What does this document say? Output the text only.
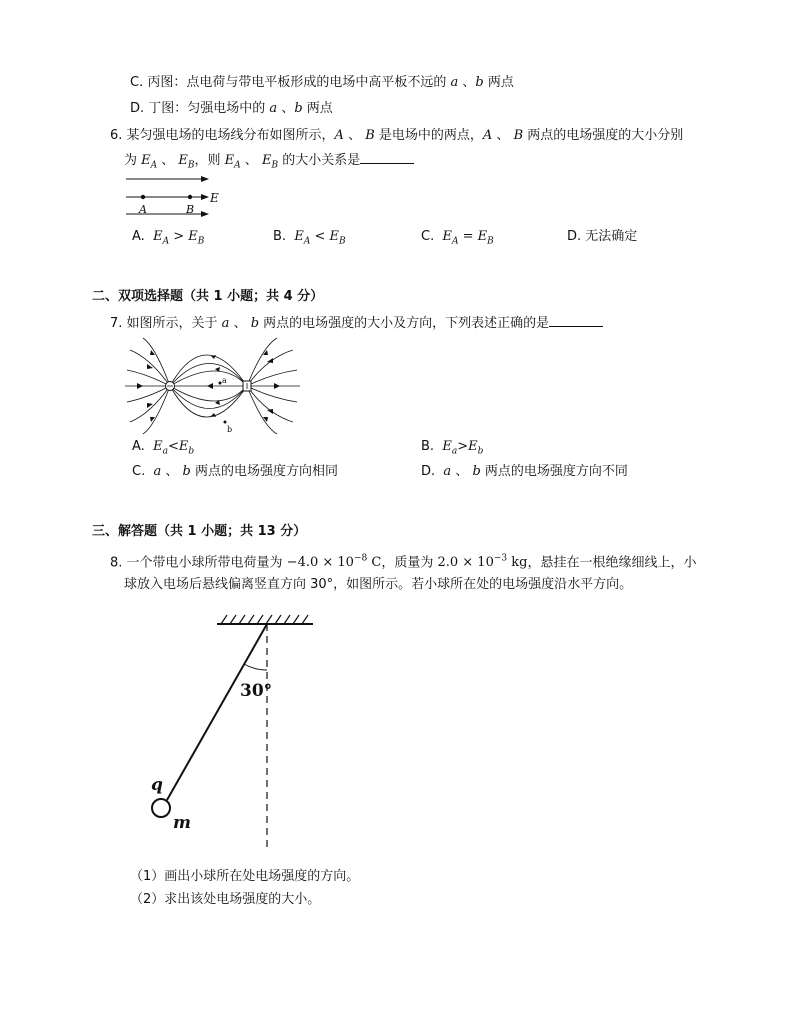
C. 丙图：点电荷与带电平板形成的电场中高平板不远的 a 、b 两点
D. 丁图：匀强电场中的 a 、b 两点
6. 某匀强电场的电场线分布如图所示，A 、 B 是电场中的两点，A 、 B 两点的电场强度的大小分别
为 $E_A$ 、 $E_B$，则 $E_A$ 、 $E_B$ 的大小关系是
E
A	B
A. $E_A > E_B$	B. $E_A < E_B$	C. $E_A = E_B$	D. 无法确定
二、双项选择题（共 1 小题；共 4 分）
7. 如图所示，关于 a 、 b 两点的电场强度的大小及方向，下列表述正确的是
a
b
A. $E_a<E_b$	B. $E_a>E_b$
C.  a 、 b 两点的电场强度方向相同	D.  a 、 b 两点的电场强度方向不同
三、解答题（共 1 小题；共 13 分）
8. 一个带电小球所带电荷量为 $-4.0 \times 10^{-8}$ C，质量为 $2.0 \times 10^{-3}$ kg，悬挂在一根绝缘细线上，小
球放入电场后悬线偏离竖直方向 30°，如图所示。若小球所在处的电场强度沿水平方向。
30°
q
m
（1）画出小球所在处电场强度的方向。
（2）求出该处电场强度的大小。
